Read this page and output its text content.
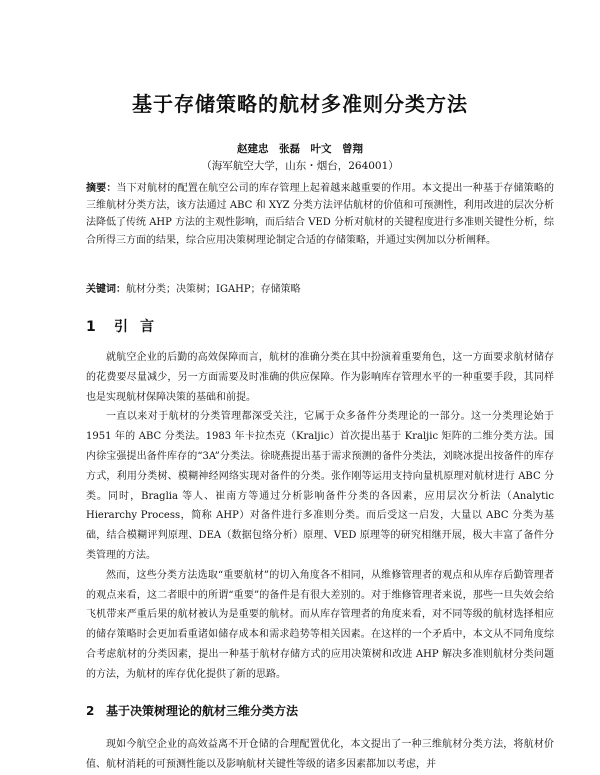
基于存储策略的航材多准则分类方法
赵建忠　张磊　叶文　曾翔
（海军航空大学，山东・烟台，264001）
摘要：当下对航材的配置在航空公司的库存管理上起着越来越重要的作用。本文提出一种基于存储策略的三维航材分类方法，该方法通过 ABC 和 XYZ 分类方法评估航材的价值和可预测性，利用改进的层次分析法降低了传统 AHP 方法的主观性影响，而后结合 VED 分析对航材的关键程度进行多准则关键性分析，综合所得三方面的结果，综合应用决策树理论制定合适的存储策略，并通过实例加以分析阐释。
关键词：航材分类；决策树；IGAHP；存储策略
1 引言

就航空企业的后勤的高效保障而言，航材的准确分类在其中扮演着重要角色，这一方面要求航材储存的花费要尽量减少，另一方面需要及时准确的供应保障。作为影响库存管理水平的一种重要手段，其同样也是实现航材保障决策的基础和前提。

一直以来对于航材的分类管理都深受关注，它属于众多备件分类理论的一部分。这一分类理论始于 1951 年的 ABC 分类法。1983 年卡拉杰克（Kraljic）首次提出基于 Kraljic 矩阵的二维分类方法。国内徐宝强提出备件库存的“3A”分类法。徐晓燕提出基于需求预测的备件分类法，刘晓冰提出按备件的库存方式，利用分类树、模糊神经网络实现对备件的分类。张作刚等运用支持向量机原理对航材进行 ABC 分类。同时，Braglia 等人、崔南方等通过分析影响备件分类的各因素，应用层次分析法（Analytic Hierarchy Process，简称 AHP）对备件进行多准则分类。而后受这一启发，大量以 ABC 分类为基础，结合模糊评判原理、DEA（数据包络分析）原理、VED 原理等的研究相继开展，极大丰富了备件分类管理的方法。

然而，这些分类方法选取“重要航材”的切入角度各不相同，从维修管理者的观点和从库存后勤管理者的观点来看，这二者眼中的所谓“重要”的备件是有很大差别的。对于维修管理者来说，那些一旦失效会给飞机带来严重后果的航材被认为是重要的航材。而从库存管理者的角度来看，对不同等级的航材选择相应的储存策略时会更加看重诸如储存成本和需求趋势等相关因素。在这样的一个矛盾中，本文从不同角度综合考虑航材的分类因素，提出一种基于航材存储方式的应用决策树和改进 AHP 解决多准则航材分类问题的方法，为航材的库存优化提供了新的思路。

2 基于决策树理论的航材三维分类方法

现如今航空企业的高效益离不开仓储的合理配置优化，本文提出了一种三维航材分类方法，将航材价值、航材消耗的可预测性能以及影响航材关键性等级的诸多因素都加以考虑，并
